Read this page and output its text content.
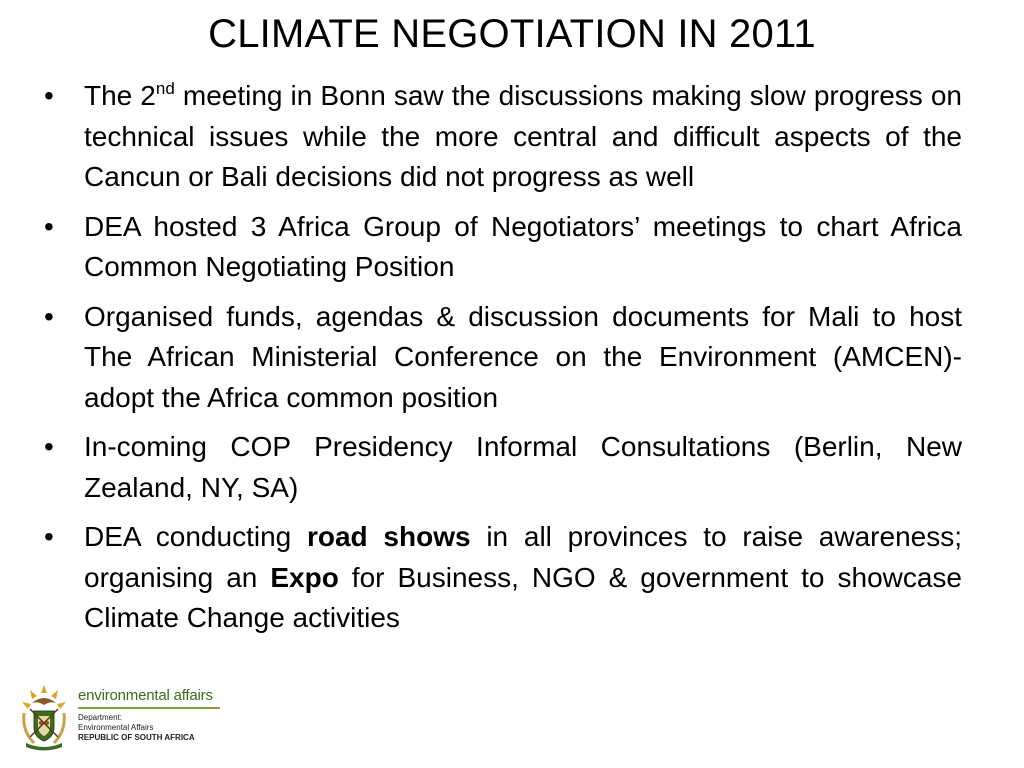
CLIMATE NEGOTIATION IN 2011
•	The 2nd meeting in Bonn saw the discussions making slow progress on technical issues while the more central and difficult aspects of the Cancun or Bali decisions did not progress as well
•	DEA hosted 3 Africa Group of Negotiators’ meetings to chart Africa Common Negotiating Position
•	Organised funds, agendas & discussion documents for Mali to host The African Ministerial Conference on the Environment (AMCEN)- adopt the Africa common position
•	In-coming COP Presidency Informal Consultations (Berlin, New Zealand, NY, SA)
•	DEA conducting road shows in all provinces to raise awareness; organising an Expo for Business, NGO & government to showcase Climate Change activities
environmental affairs
Department:
Environmental Affairs
REPUBLIC OF SOUTH AFRICA
